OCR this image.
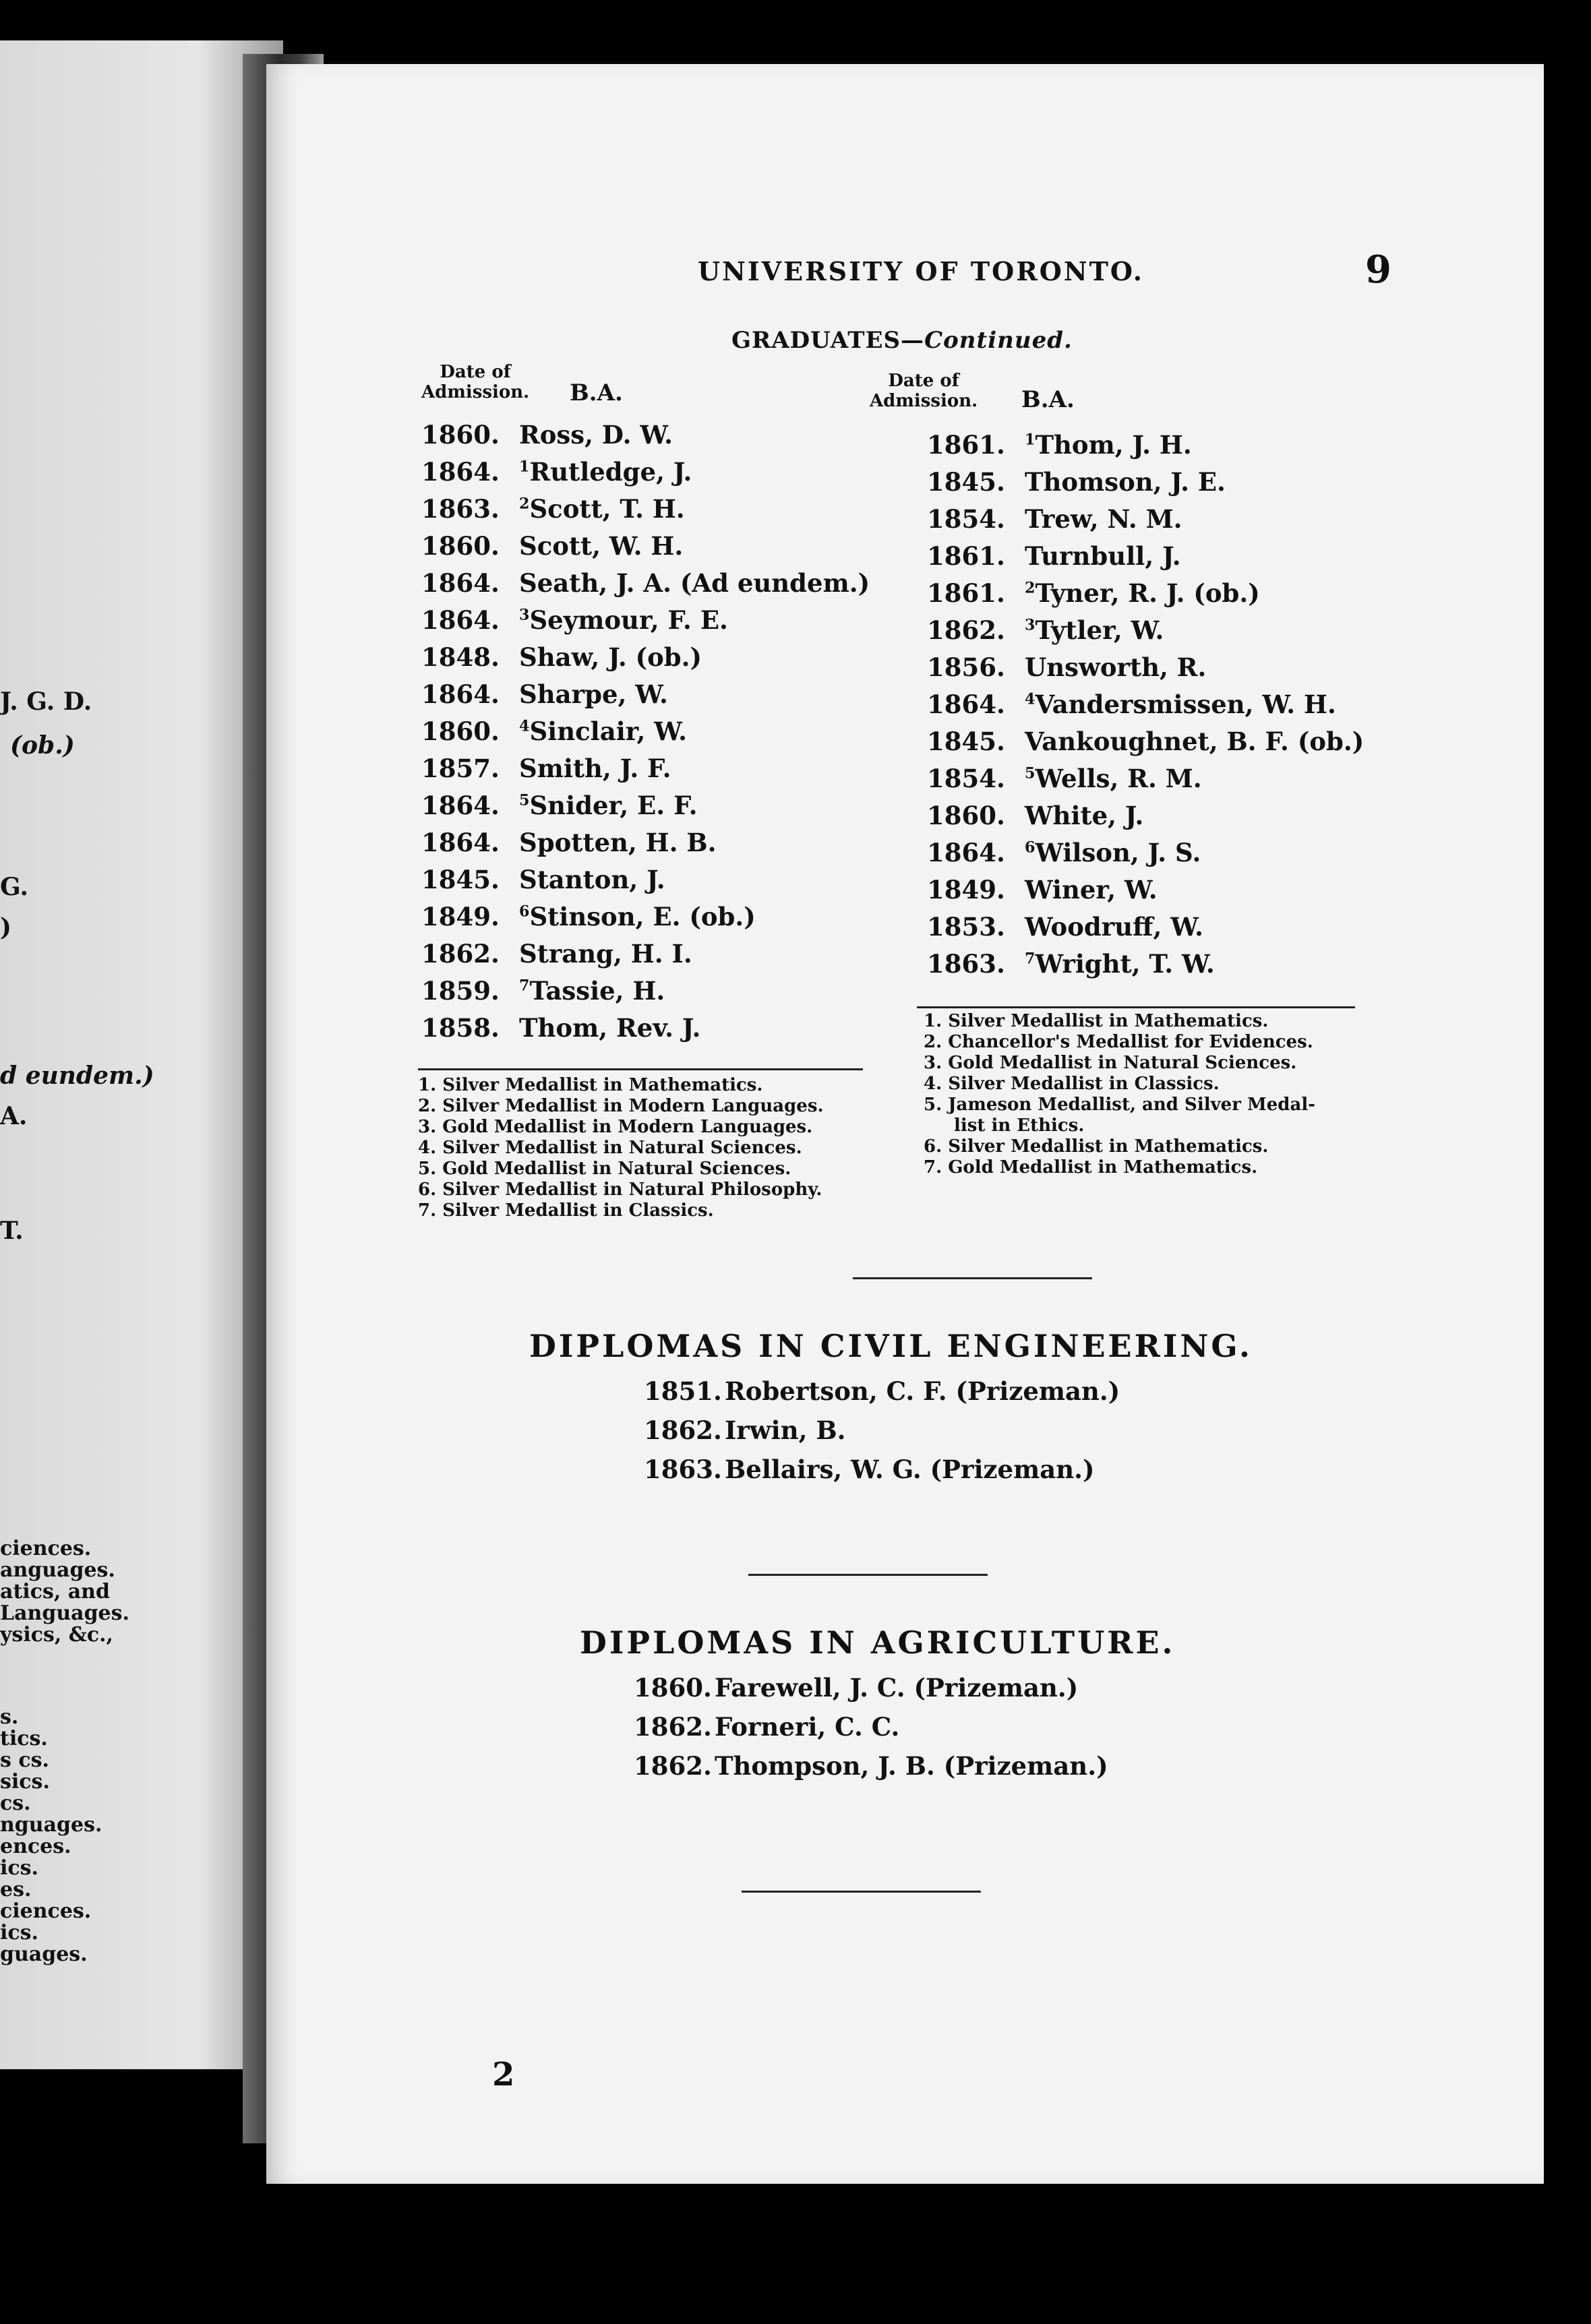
J. G. D.
(ob.)
G.
)
d eundem.)
A.
T.
ciences.
anguages.
atics, and
Languages.
ysics, &c.,
s.
tics.
s cs.
sics.
cs.
nguages.
ences.
ics.
es.
ciences.
ics.
guages.
UNIVERSITY OF TORONTO.	9
GRADUATES—Continued.
Date of
Admission. B.A.	Date of
Admission. B.A.
1860. Ross, D. W.
1864.	$^1$Rutledge, J.
1863.	$^2$Scott, T. H.
1860. Scott, W. H.
1864. Seath, J. A. (Ad eundem.)
1864.	$^3$Seymour, F. E.
1848. Shaw, J. (ob.)
1864. Sharpe, W.
1860.	$^4$Sinclair, W.
1857. Smith, J. F.
1864.	$^5$Snider, E. F.
1864. Spotten, H. B.
1845. Stanton, J.
1849.	$^6$Stinson, E. (ob.)
1862. Strang, H. I.
1859.	$^7$Tassie, H.
1858. Thom, Rev. J.
1861.	$^1$Thom, J. H.
1845. Thomson, J. E.
1854. Trew, N. M.
1861. Turnbull, J.
1861.	$^2$Tyner, R. J. (ob.)
1862.	$^3$Tytler, W.
1856. Unsworth, R.
1864.	$^4$Vandersmissen, W. H.
1845. Vankoughnet, B. F. (ob.)
1854.	$^5$Wells, R. M.
1860. White, J.
1864.	$^6$Wilson, J. S.
1849. Winer, W.
1853. Woodruff, W.
1863.	$^7$Wright, T. W.
1. Silver Medallist in Mathematics.
2. Silver Medallist in Modern Languages.
3. Gold Medallist in Modern Languages.
4. Silver Medallist in Natural Sciences.
5. Gold Medallist in Natural Sciences.
6. Silver Medallist in Natural Philosophy.
7. Silver Medallist in Classics.
1. Silver Medallist in Mathematics.
2. Chancellor's Medallist for Evidences.
3. Gold Medallist in Natural Sciences.
4. Silver Medallist in Classics.
5. Jameson Medallist, and Silver Medal-
list in Ethics.
6. Silver Medallist in Mathematics.
7. Gold Medallist in Mathematics.
DIPLOMAS IN CIVIL ENGINEERING.
1851. Robertson, C. F. (Prizeman.)
1862. Irwin, B.
1863. Bellairs, W. G. (Prizeman.)
DIPLOMAS IN AGRICULTURE.
1860. Farewell, J. C. (Prizeman.)
1862. Forneri, C. C.
1862. Thompson, J. B. (Prizeman.)
2
